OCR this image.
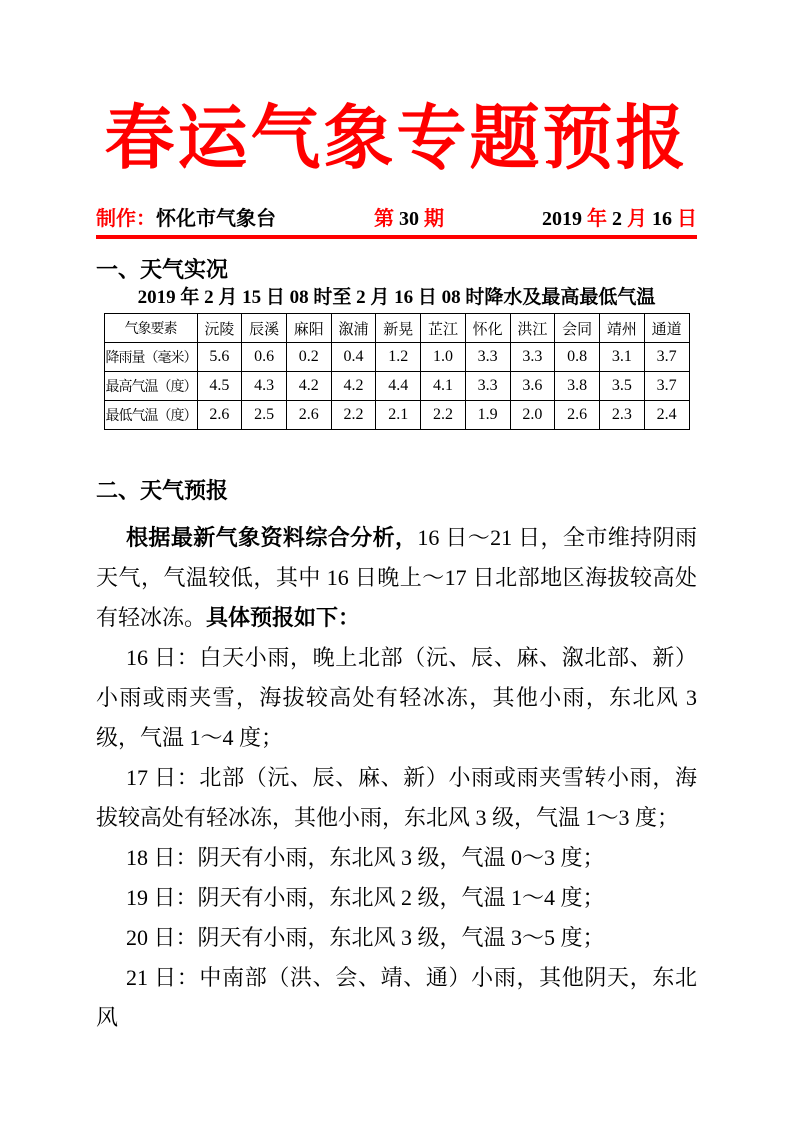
春运气象专题预报
制作：怀化市气象台	第 30 期	2019 年 2 月 16 日
一、天气实况
2019 年 2 月 15 日 08 时至 2 月 16 日 08 时降水及最高最低气温
气象要素	沅陵	辰溪	麻阳	溆浦	新晃	芷江	怀化	洪江	会同	靖州	通道
降雨量（毫米）	5.6	0.6	0.2	0.4	1.2	1.0	3.3	3.3	0.8	3.1	3.7
最高气温（度）	4.5	4.3	4.2	4.2	4.4	4.1	3.3	3.6	3.8	3.5	3.7
最低气温（度）	2.6	2.5	2.6	2.2	2.1	2.2	1.9	2.0	2.6	2.3	2.4
二、天气预报

根据最新气象资料综合分析，16 日～21 日，全市维持阴雨天气，气温较低，其中 16 日晚上～17 日北部地区海拔较高处有轻冰冻。具体预报如下：

16 日：白天小雨，晚上北部（沅、辰、麻、溆北部、新）小雨或雨夹雪，海拔较高处有轻冰冻，其他小雨，东北风 3 级，气温 1～4 度；

17 日：北部（沅、辰、麻、新）小雨或雨夹雪转小雨，海拔较高处有轻冰冻，其他小雨，东北风 3 级，气温 1～3 度；

18 日：阴天有小雨，东北风 3 级，气温 0～3 度；

19 日：阴天有小雨，东北风 2 级，气温 1～4 度；

20 日：阴天有小雨，东北风 3 级，气温 3～5 度；

21 日：中南部（洪、会、靖、通）小雨，其他阴天，东北风
